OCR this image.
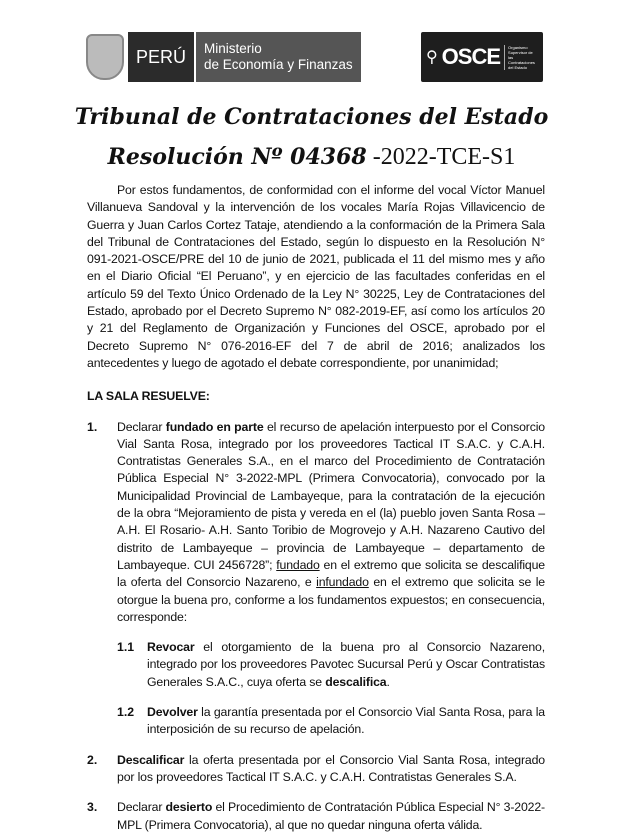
PERÚ	Ministerio
de Economía y Finanzas	⚲ OSCE	Organismo Supervisor de las Contrataciones del Estado
Tribunal de Contrataciones del Estado
Resolución Nº 04368 -2022-TCE-S1
Por estos fundamentos, de conformidad con el informe del vocal Víctor Manuel Villanueva Sandoval y la intervención de los vocales María Rojas Villavicencio de Guerra y Juan Carlos Cortez Tataje, atendiendo a la conformación de la Primera Sala del Tribunal de Contrataciones del Estado, según lo dispuesto en la Resolución N° 091-2021-OSCE/PRE del 10 de junio de 2021, publicada el 11 del mismo mes y año en el Diario Oficial “El Peruano”, y en ejercicio de las facultades conferidas en el artículo 59 del Texto Único Ordenado de la Ley N° 30225, Ley de Contrataciones del Estado, aprobado por el Decreto Supremo N° 082-2019-EF, así como los artículos 20 y 21 del Reglamento de Organización y Funciones del OSCE, aprobado por el Decreto Supremo N° 076-2016-EF del 7 de abril de 2016; analizados los antecedentes y luego de agotado el debate correspondiente, por unanimidad;
LA SALA RESUELVE:
1.	Declarar fundado en parte el recurso de apelación interpuesto por el Consorcio Vial Santa Rosa, integrado por los proveedores Tactical IT S.A.C. y C.A.H. Contratistas Generales S.A., en el marco del Procedimiento de Contratación Pública Especial N° 3-2022-MPL (Primera Convocatoria), convocado por la Municipalidad Provincial de Lambayeque, para la contratación de la ejecución de la obra “Mejoramiento de pista y vereda en el (la) pueblo joven Santa Rosa – A.H. El Rosario- A.H. Santo Toribio de Mogrovejo y A.H. Nazareno Cautivo del distrito de Lambayeque – provincia de Lambayeque – departamento de Lambayeque. CUI 2456728”; fundado en el extremo que solicita se descalifique la oferta del Consorcio Nazareno, e infundado en el extremo que solicita se le otorgue la buena pro, conforme a los fundamentos expuestos; en consecuencia, corresponde:
1.1	Revocar el otorgamiento de la buena pro al Consorcio Nazareno, integrado por los proveedores Pavotec Sucursal Perú y Oscar Contratistas Generales S.A.C., cuya oferta se descalifica.
1.2	Devolver la garantía presentada por el Consorcio Vial Santa Rosa, para la interposición de su recurso de apelación.
2.	Descalificar la oferta presentada por el Consorcio Vial Santa Rosa, integrado por los proveedores Tactical IT S.A.C. y C.A.H. Contratistas Generales S.A.
3.	Declarar desierto el Procedimiento de Contratación Pública Especial N° 3-2022-MPL (Primera Convocatoria), al que no quedar ninguna oferta válida.
